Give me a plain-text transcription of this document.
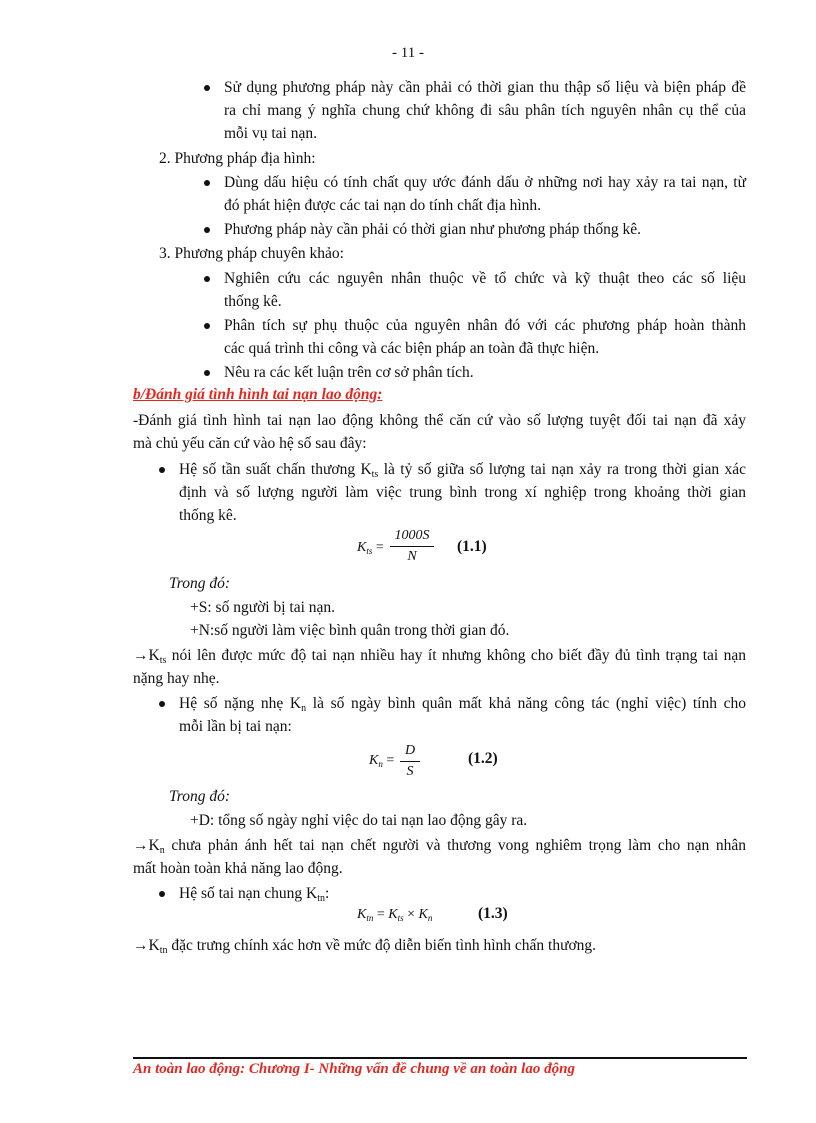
- 11 -
Sử dụng phương pháp này cần phải có thời gian thu thập số liệu và biện pháp đề
ra chỉ mang ý nghĩa chung chứ không đi sâu phân tích nguyên nhân cụ thể của
mỗi vụ tai nạn.
2. Phương pháp địa hình:
Dùng dấu hiệu có tính chất quy ước đánh dấu ở những nơi hay xảy ra tai nạn, từ
đó phát hiện được các tai nạn do tính chất địa hình.
Phương pháp này cần phải có thời gian như phương pháp thống kê.
3. Phương pháp chuyên khảo:
Nghiên cứu các nguyên nhân thuộc về tổ chức và kỹ thuật theo các số liệu
thống kê.
Phân tích sự phụ thuộc của nguyên nhân đó với các phương pháp hoàn thành
các quá trình thi công và các biện pháp an toàn đã thực hiện.
Nêu ra các kết luận trên cơ sở phân tích.
b/Đánh giá tình hình tai nạn lao động:
-Đánh giá tình hình tai nạn lao động không thể căn cứ vào số lượng tuyệt đối tai nạn đã xảy
mà chủ yếu căn cứ vào hệ số sau đây:
Hệ số tần suất chấn thương $K_{ts}$ là tỷ số giữa số lượng tai nạn xảy ra trong thời gian xác
định và số lượng người làm việc trung bình trong xí nghiệp trong khoảng thời gian
thống kê.
$K_{ts}$ =
1000S
N
(1.1)
Trong đó:
+S: số người bị tai nạn.
+N:số người làm việc bình quân trong thời gian đó.
$\to K_{ts}$ nói lên được mức độ tai nạn nhiều hay ít nhưng không cho biết đầy đủ tình trạng tai nạn
nặng hay nhẹ.
Hệ số nặng nhẹ $K_n$ là số ngày bình quân mất khả năng công tác (nghỉ việc) tính cho
mỗi lần bị tai nạn:
$K_n$ =
D
S
(1.2)
Trong đó:
+D: tổng số ngày nghỉ việc do tai nạn lao động gây ra.
$\to K_n$ chưa phản ánh hết tai nạn chết người và thương vong nghiêm trọng làm cho nạn nhân
mất hoàn toàn khả năng lao động.
Hệ số tai nạn chung $K_{tn}$:
$K_{tn} = K_{ts} \times K_n$	(1.3)
$\to K_{tn}$ đặc trưng chính xác hơn về mức độ diễn biến tình hình chấn thương.
An toàn lao động: Chương I- Những vấn đề chung về an toàn lao động
